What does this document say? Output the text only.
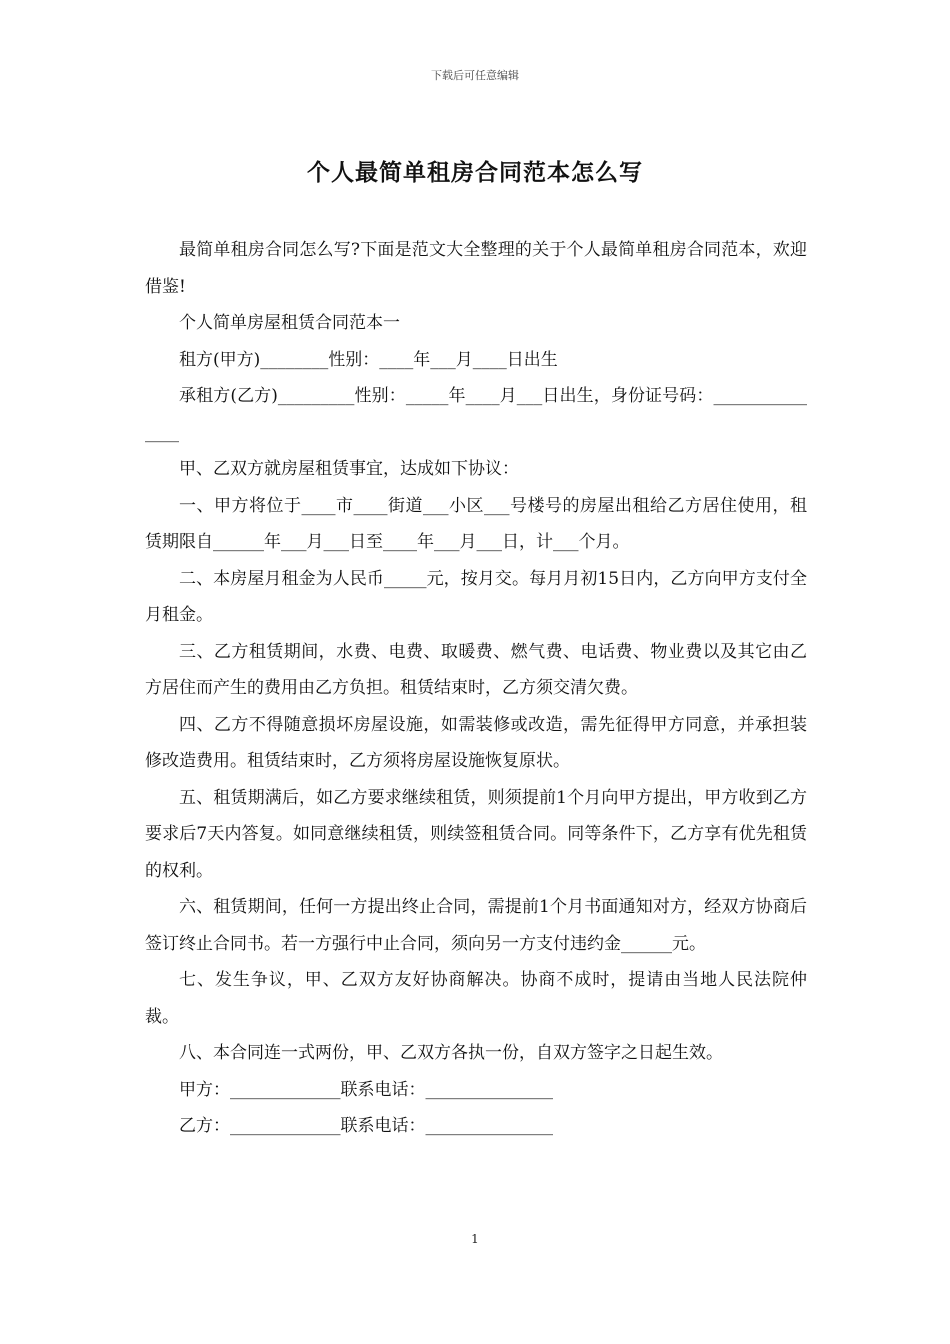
下载后可任意编辑
个人最简单租房合同范本怎么写

最简单租房合同怎么写?下面是范文大全整理的关于个人最简单租房合同范本，欢迎借鉴!

个人简单房屋租赁合同范本一

租方(甲方)________性别：____年___月____日出生

承租方(乙方)_________性别：_____年____月___日出生，身份证号码：_______________

甲、乙双方就房屋租赁事宜，达成如下协议：

一、甲方将位于____市____街道___小区___号楼号的房屋出租给乙方居住使用，租赁期限自______年___月___日至____年___月___日，计___个月。

二、本房屋月租金为人民币_____元，按月交。每月月初15日内，乙方向甲方支付全月租金。

三、乙方租赁期间，水费、电费、取暖费、燃气费、电话费、物业费以及其它由乙方居住而产生的费用由乙方负担。租赁结束时，乙方须交清欠费。

四、乙方不得随意损坏房屋设施，如需装修或改造，需先征得甲方同意，并承担装修改造费用。租赁结束时，乙方须将房屋设施恢复原状。

五、租赁期满后，如乙方要求继续租赁，则须提前1个月向甲方提出，甲方收到乙方要求后7天内答复。如同意继续租赁，则续签租赁合同。同等条件下，乙方享有优先租赁的权利。

六、租赁期间，任何一方提出终止合同，需提前1个月书面通知对方，经双方协商后签订终止合同书。若一方强行中止合同，须向另一方支付违约金______元。

七、发生争议，甲、乙双方友好协商解决。协商不成时，提请由当地人民法院仲裁。

八、本合同连一式两份，甲、乙双方各执一份，自双方签字之日起生效。

甲方：_____________联系电话：_______________

乙方：_____________联系电话：_______________

1
